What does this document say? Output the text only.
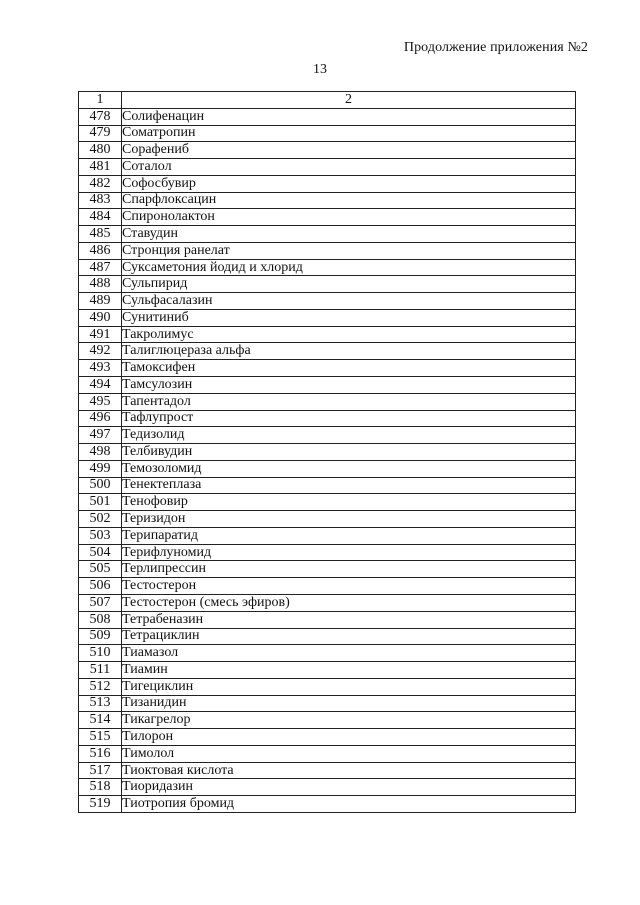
Продолжение приложения №2
13
1	2
478	Солифенацин
479	Соматропин
480	Сорафениб
481	Соталол
482	Софосбувир
483	Спарфлоксацин
484	Спиронолактон
485	Ставудин
486	Стронция ранелат
487	Суксаметония йодид и хлорид
488	Сульпирид
489	Сульфасалазин
490	Сунитиниб
491	Такролимус
492	Талиглюцераза альфа
493	Тамоксифен
494	Тамсулозин
495	Тапентадол
496	Тафлупрост
497	Тедизолид
498	Телбивудин
499	Темозоломид
500	Тенектеплаза
501	Тенофовир
502	Теризидон
503	Терипаратид
504	Терифлуномид
505	Терлипрессин
506	Тестостерон
507	Тестостерон (смесь эфиров)
508	Тетрабеназин
509	Тетрациклин
510	Тиамазол
511	Тиамин
512	Тигециклин
513	Тизанидин
514	Тикагрелор
515	Тилорон
516	Тимолол
517	Тиоктовая кислота
518	Тиоридазин
519	Тиотропия бромид
